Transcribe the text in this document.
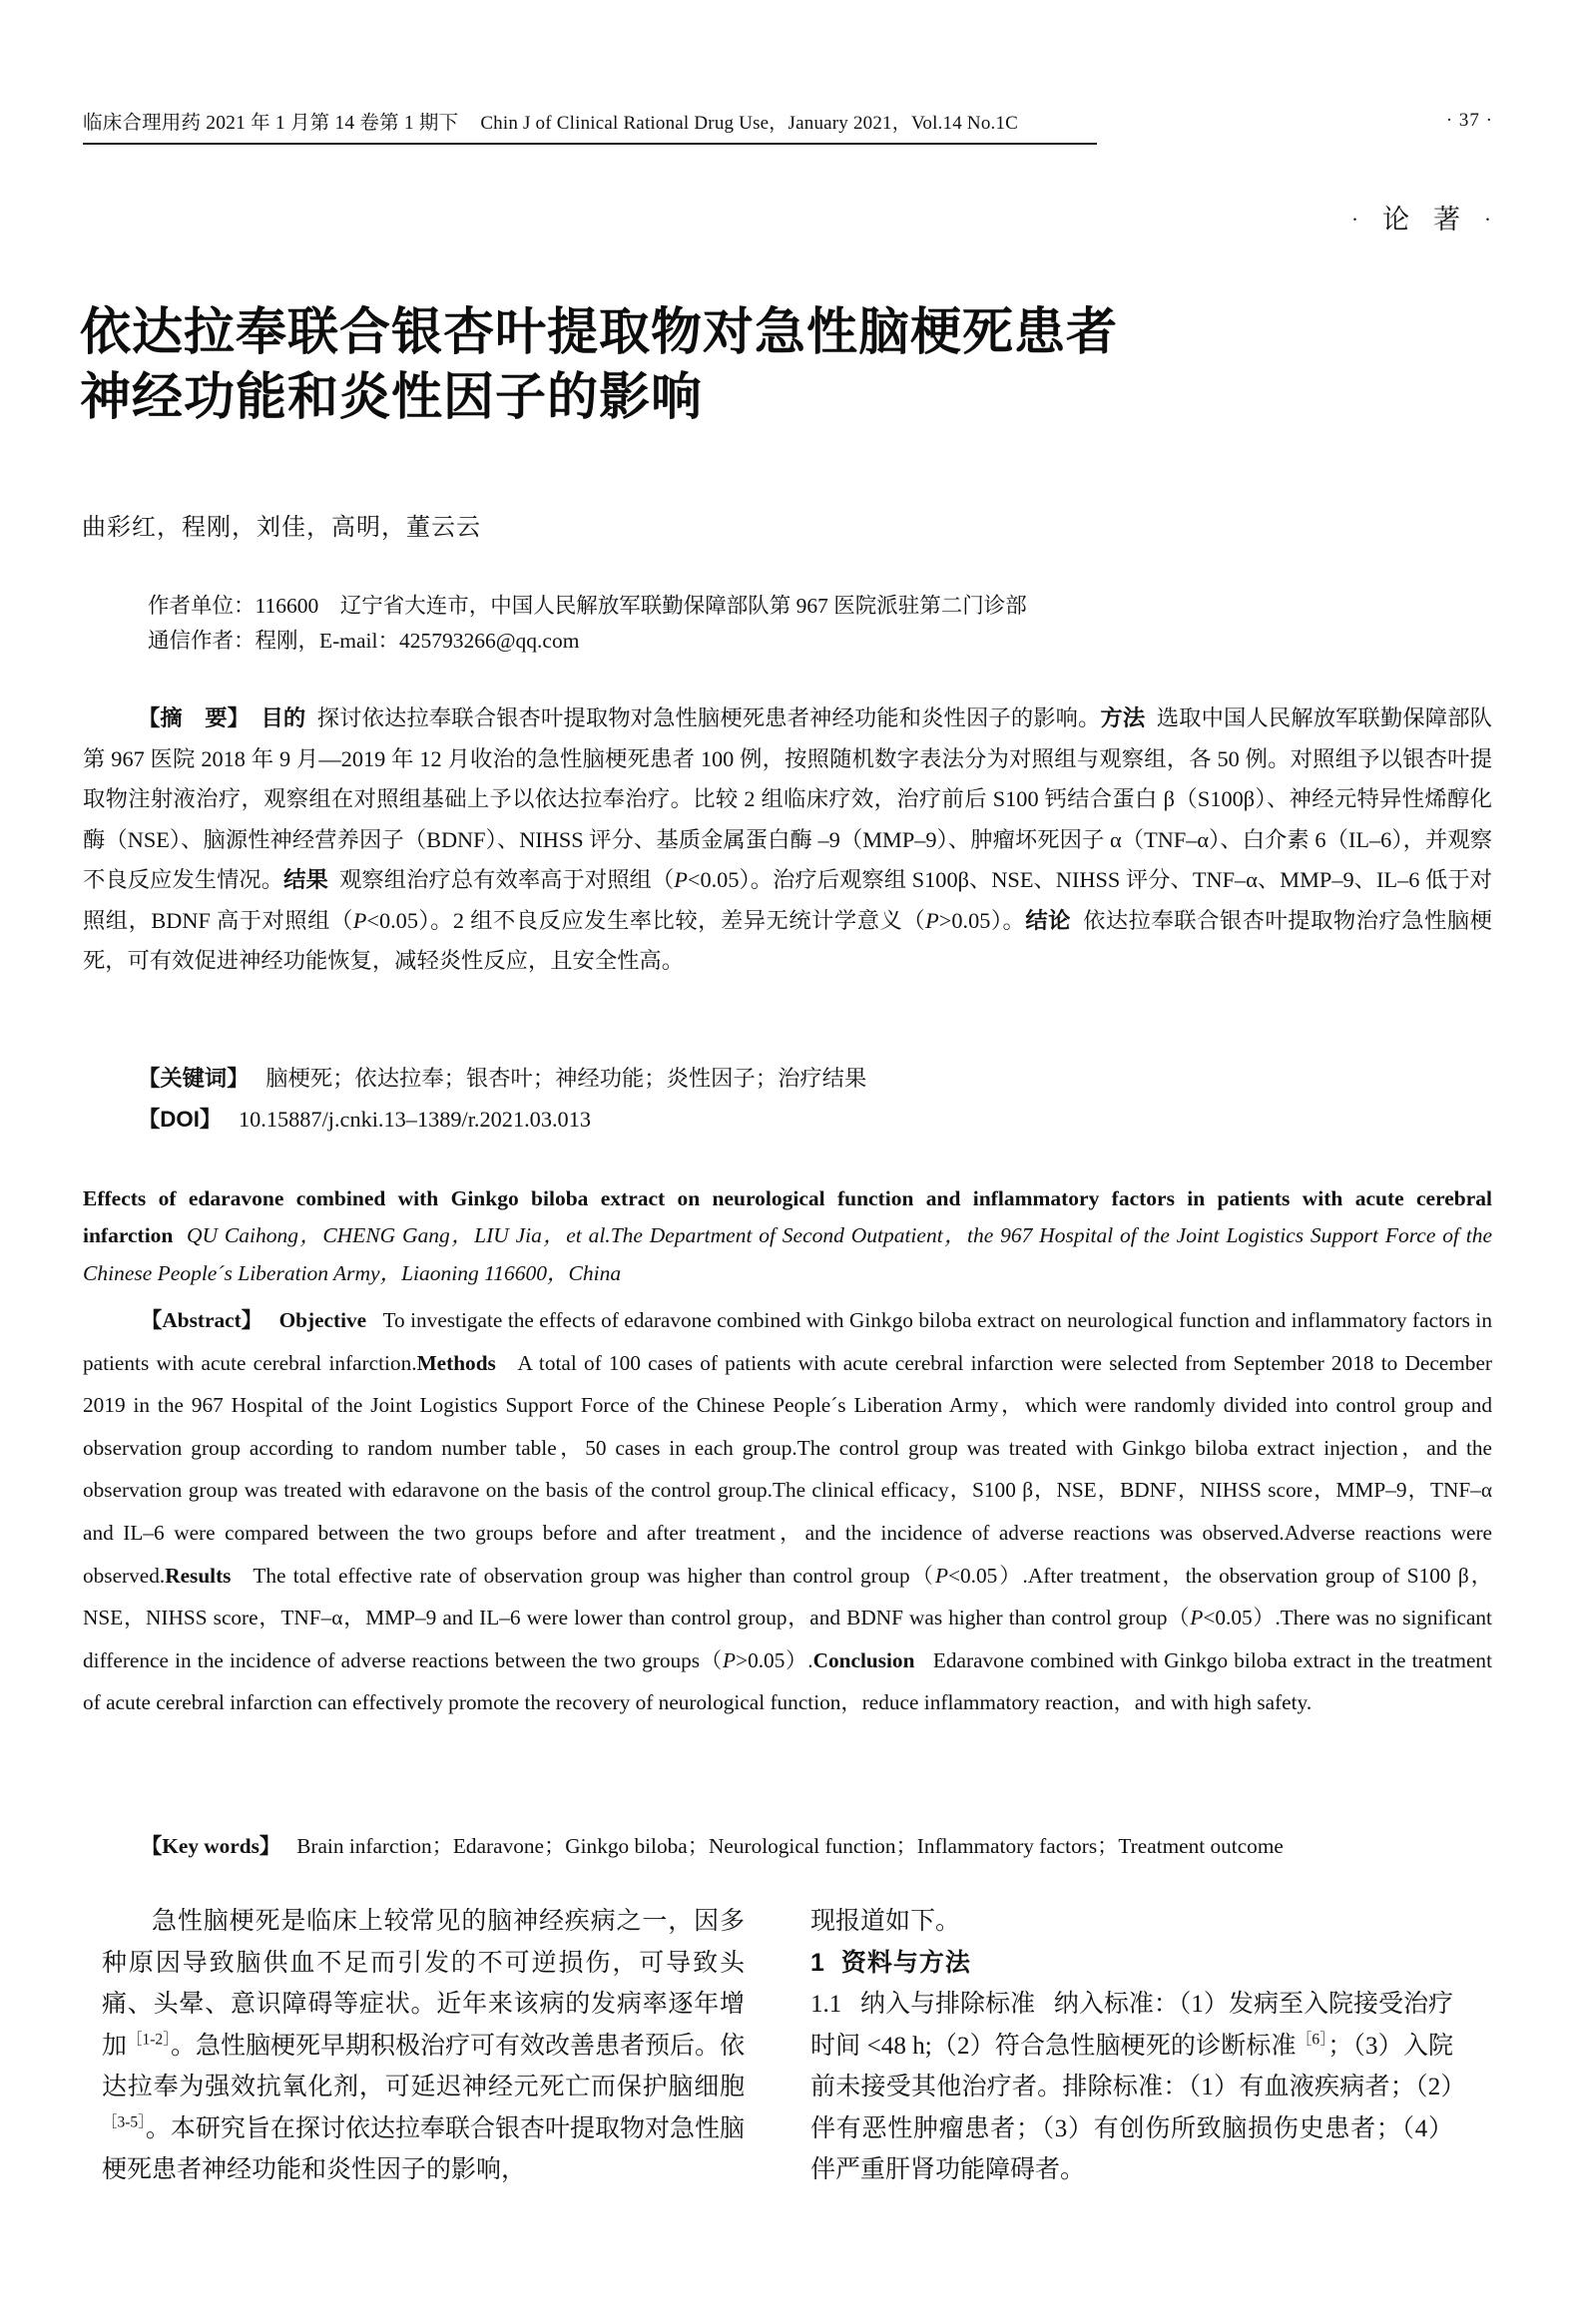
临床合理用药 2021 年 1 月第 14 卷第 1 期下 Chin J of Clinical Rational Drug Use，January 2021，Vol.14 No.1C	· 37 ·
· 论 著 ·
依达拉奉联合银杏叶提取物对急性脑梗死患者
神经功能和炎性因子的影响
曲彩红，程刚，刘佳，高明，董云云
作者单位：116600　辽宁省大连市，中国人民解放军联勤保障部队第 967 医院派驻第二门诊部
通信作者：程刚，E-mail：425793266@qq.com
【摘　要】 目的 探讨依达拉奉联合银杏叶提取物对急性脑梗死患者神经功能和炎性因子的影响。方法 选取中国人民解放军联勤保障部队第 967 医院 2018 年 9 月—2019 年 12 月收治的急性脑梗死患者 100 例，按照随机数字表法分为对照组与观察组，各 50 例。对照组予以银杏叶提取物注射液治疗，观察组在对照组基础上予以依达拉奉治疗。比较 2 组临床疗效，治疗前后 S100 钙结合蛋白 β（S100β）、神经元特异性烯醇化酶（NSE）、脑源性神经营养因子（BDNF）、NIHSS 评分、基质金属蛋白酶 –9（MMP–9）、肿瘤坏死因子 α（TNF–α）、白介素 6（IL–6），并观察不良反应发生情况。结果 观察组治疗总有效率高于对照组（P<0.05）。治疗后观察组 S100β、NSE、NIHSS 评分、TNF–α、MMP–9、IL–6 低于对照组，BDNF 高于对照组（P<0.05）。2 组不良反应发生率比较，差异无统计学意义（P>0.05）。结论 依达拉奉联合银杏叶提取物治疗急性脑梗死，可有效促进神经功能恢复，减轻炎性反应，且安全性高。
【关键词】 脑梗死；依达拉奉；银杏叶；神经功能；炎性因子；治疗结果
【DOI】 10.15887/j.cnki.13–1389/r.2021.03.013
Effects of edaravone combined with Ginkgo biloba extract on neurological function and inflammatory factors in patients with acute cerebral infarction QU Caihong，CHENG Gang，LIU Jia，et al.The Department of Second Outpatient，the 967 Hospital of the Joint Logistics Support Force of the Chinese People´s Liberation Army，Liaoning 116600，China
【Abstract】 Objective To investigate the effects of edaravone combined with Ginkgo biloba extract on neurological function and inflammatory factors in patients with acute cerebral infarction.Methods A total of 100 cases of patients with acute cerebral infarction were selected from September 2018 to December 2019 in the 967 Hospital of the Joint Logistics Support Force of the Chinese People´s Liberation Army，which were randomly divided into control group and observation group according to random number table，50 cases in each group.The control group was treated with Ginkgo biloba extract injection，and the observation group was treated with edaravone on the basis of the control group.The clinical efficacy，S100 β，NSE，BDNF，NIHSS score，MMP–9，TNF–α and IL–6 were compared between the two groups before and after treatment，and the incidence of adverse reactions was observed.Adverse reactions were observed.Results The total effective rate of observation group was higher than control group（P<0.05）.After treatment，the observation group of S100 β，NSE，NIHSS score，TNF–α，MMP–9 and IL–6 were lower than control group，and BDNF was higher than control group（P<0.05）.There was no significant difference in the incidence of adverse reactions between the two groups（P>0.05）.Conclusion Edaravone combined with Ginkgo biloba extract in the treatment of acute cerebral infarction can effectively promote the recovery of neurological function，reduce inflammatory reaction，and with high safety.
【Key words】 Brain infarction；Edaravone；Ginkgo biloba；Neurological function；Inflammatory factors；Treatment outcome

急性脑梗死是临床上较常见的脑神经疾病之一，因多种原因导致脑供血不足而引发的不可逆损伤，可导致头痛、头晕、意识障碍等症状。近年来该病的发病率逐年增加$^{[1-2]}$。急性脑梗死早期积极治疗可有效改善患者预后。依达拉奉为强效抗氧化剂，可延迟神经元死亡而保护脑细胞$^{[3-5]}$。本研究旨在探讨依达拉奉联合银杏叶提取物对急性脑梗死患者神经功能和炎性因子的影响，

现报道如下。

1 资料与方法

1.1 纳入与排除标准 纳入标准：（1）发病至入院接受治疗时间 <48 h;（2）符合急性脑梗死的诊断标准$^{[6]}$；（3）入院前未接受其他治疗者。排除标准：（1）有血液疾病者；（2）伴有恶性肿瘤患者；（3）有创伤所致脑损伤史患者；（4）伴严重肝肾功能障碍者。
